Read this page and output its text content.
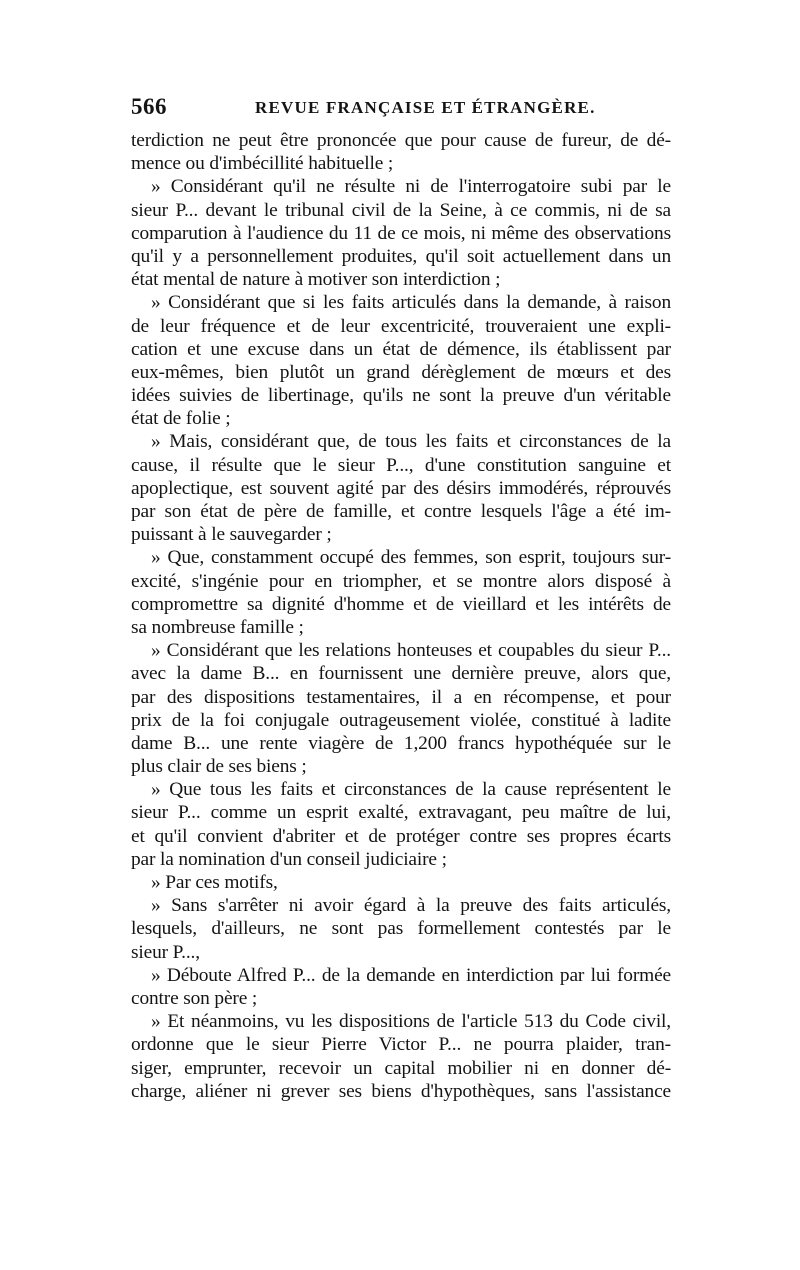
566	REVUE FRANÇAISE ET ÉTRANGÈRE.
terdiction ne peut être prononcée que pour cause de fureur, de dé-
mence ou d'imbécillité habituelle ;
» Considérant qu'il ne résulte ni de l'interrogatoire subi par le
sieur P... devant le tribunal civil de la Seine, à ce commis, ni de sa
comparution à l'audience du 11 de ce mois, ni même des observations
qu'il y a personnellement produites, qu'il soit actuellement dans un
état mental de nature à motiver son interdiction ;
» Considérant que si les faits articulés dans la demande, à raison
de leur fréquence et de leur excentricité, trouveraient une expli-
cation et une excuse dans un état de démence, ils établissent par
eux-mêmes, bien plutôt un grand dérèglement de mœurs et des
idées suivies de libertinage, qu'ils ne sont la preuve d'un véritable
état de folie ;
» Mais, considérant que, de tous les faits et circonstances de la
cause, il résulte que le sieur P..., d'une constitution sanguine et
apoplectique, est souvent agité par des désirs immodérés, réprouvés
par son état de père de famille, et contre lesquels l'âge a été im-
puissant à le sauvegarder ;
» Que, constamment occupé des femmes, son esprit, toujours sur-
excité, s'ingénie pour en triompher, et se montre alors disposé à
compromettre sa dignité d'homme et de vieillard et les intérêts de
sa nombreuse famille ;
» Considérant que les relations honteuses et coupables du sieur P...
avec la dame B... en fournissent une dernière preuve, alors que,
par des dispositions testamentaires, il a en récompense, et pour
prix de la foi conjugale outrageusement violée, constitué à ladite
dame B... une rente viagère de 1,200 francs hypothéquée sur le
plus clair de ses biens ;
» Que tous les faits et circonstances de la cause représentent le
sieur P... comme un esprit exalté, extravagant, peu maître de lui,
et qu'il convient d'abriter et de protéger contre ses propres écarts
par la nomination d'un conseil judiciaire ;
» Par ces motifs,
» Sans s'arrêter ni avoir égard à la preuve des faits articulés,
lesquels, d'ailleurs, ne sont pas formellement contestés par le
sieur P...,
» Déboute Alfred P... de la demande en interdiction par lui formée
contre son père ;
» Et néanmoins, vu les dispositions de l'article 513 du Code civil,
ordonne que le sieur Pierre Victor P... ne pourra plaider, tran-
siger, emprunter, recevoir un capital mobilier ni en donner dé-
charge, aliéner ni grever ses biens d'hypothèques, sans l'assistance
